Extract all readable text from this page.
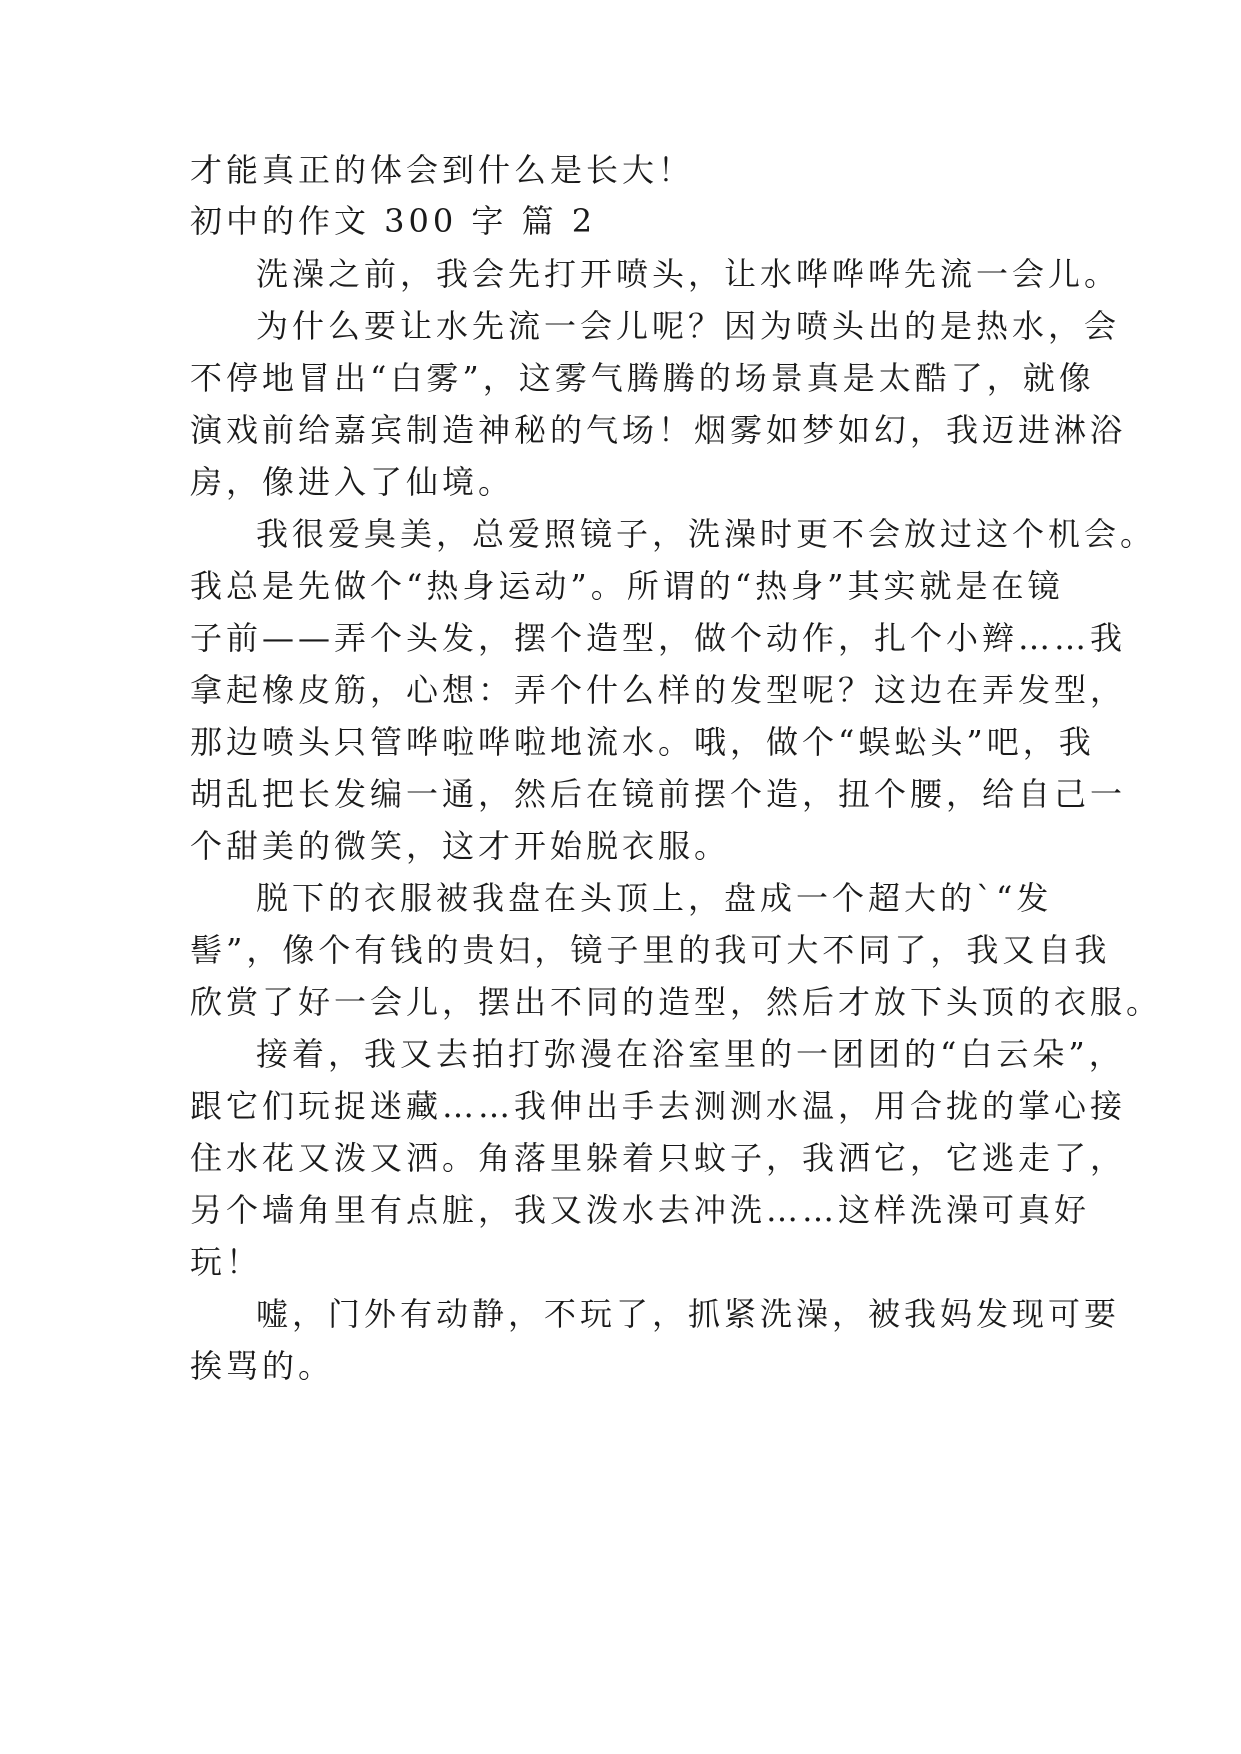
才能真正的体会到什么是长大！
初中的作文 300 字 篇 2
洗澡之前，我会先打开喷头，让水哗哗哗先流一会儿。
为什么要让水先流一会儿呢？因为喷头出的是热水，会
不停地冒出“白雾”，这雾气腾腾的场景真是太酷了，就像
演戏前给嘉宾制造神秘的气场！烟雾如梦如幻，我迈进淋浴
房，像进入了仙境。
我很爱臭美，总爱照镜子，洗澡时更不会放过这个机会。
我总是先做个“热身运动”。所谓的“热身”其实就是在镜
子前——弄个头发，摆个造型，做个动作，扎个小辫……我
拿起橡皮筋，心想：弄个什么样的发型呢？这边在弄发型，
那边喷头只管哗啦哗啦地流水。哦，做个“蜈蚣头”吧，我
胡乱把长发编一通，然后在镜前摆个造，扭个腰，给自己一
个甜美的微笑，这才开始脱衣服。
脱下的衣服被我盘在头顶上，盘成一个超大的`“发
髻”，像个有钱的贵妇，镜子里的我可大不同了，我又自我
欣赏了好一会儿，摆出不同的造型，然后才放下头顶的衣服。
接着，我又去拍打弥漫在浴室里的一团团的“白云朵”，
跟它们玩捉迷藏……我伸出手去测测水温，用合拢的掌心接
住水花又泼又洒。角落里躲着只蚊子，我洒它，它逃走了，
另个墙角里有点脏，我又泼水去冲洗……这样洗澡可真好
玩！
嘘，门外有动静，不玩了，抓紧洗澡，被我妈发现可要
挨骂的。
